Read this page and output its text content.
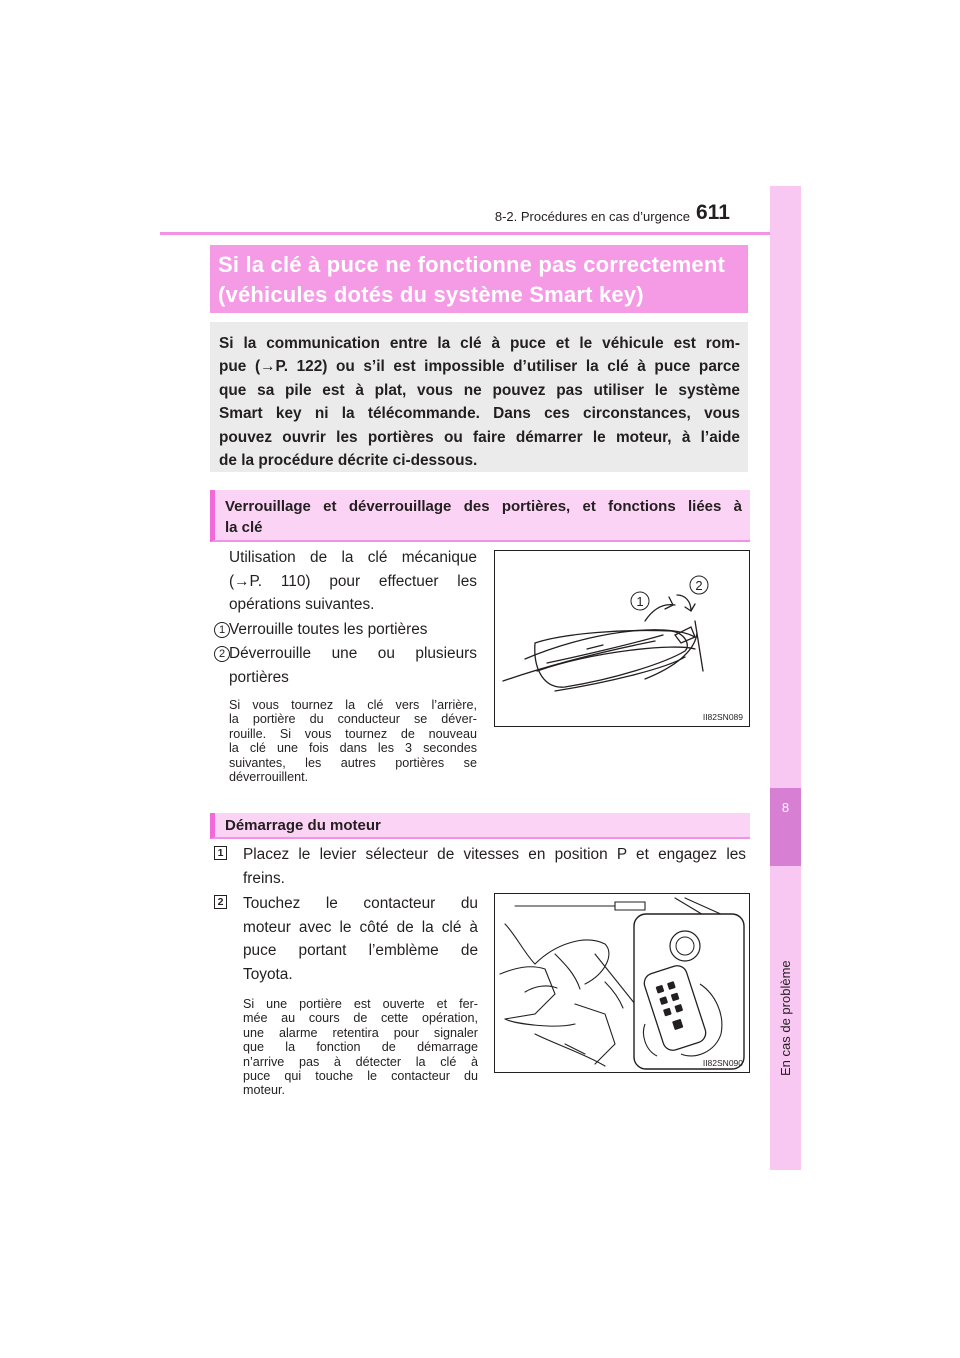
8
En cas de problème
8-2. Procédures en cas d’urgence 611
Si la clé à puce ne fonctionne pas correctement
(véhicules dotés du système Smart key)

Si la communication entre la clé à puce et le véhicule est rom-
pue (→P. 122) ou s’il est impossible d’utiliser la clé à puce parce
que sa pile est à plat, vous ne pouvez pas utiliser le système
Smart key ni la télécommande. Dans ces circonstances, vous
pouvez ouvrir les portières ou faire démarrer le moteur, à l’aide
de la procédure décrite ci-dessous.

Verrouillage et déverrouillage des portières, et fonctions liées à
la clé
Utilisation de la clé mécanique
(→P. 110) pour effectuer les
opérations suivantes.
1 Verrouille toutes les portières
2 Déverrouille une ou plusieurs
portières
Si vous tournez la clé vers l’arrière,
la portière du conducteur se déver-
rouille. Si vous tournez de nouveau
la clé une fois dans les 3 secondes
suivantes, les autres portières se
déverrouillent.
1
2
II82SN089
Démarrage du moteur
1 Placez le levier sélecteur de vitesses en position P et engagez les
freins.
2 Touchez le contacteur du
moteur avec le côté de la clé à
puce portant l’emblème de
Toyota.
Si une portière est ouverte et fer-
mée au cours de cette opération,
une alarme retentira pour signaler
que la fonction de démarrage
n’arrive pas à détecter la clé à
puce qui touche le contacteur du
moteur.
II82SN090
